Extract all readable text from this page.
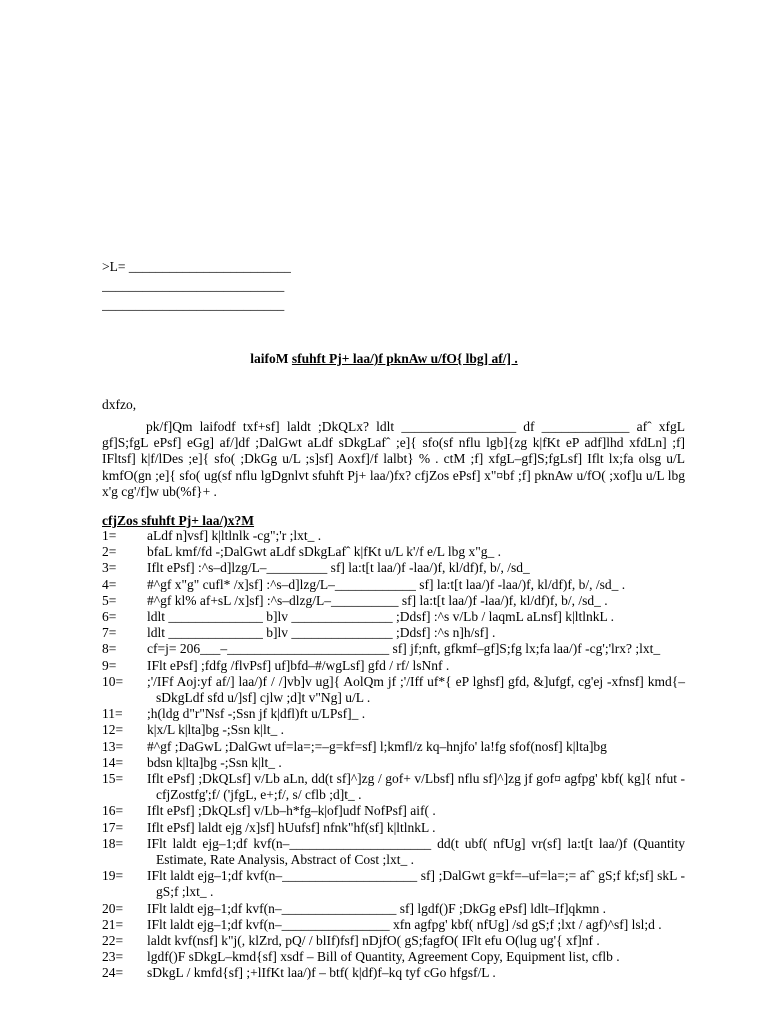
>L= ________________________
___________________________
___________________________
laifoM sfuhft Pj+ laa/)f pknAw u/fO{ lbg] af/] .
dxfzo,
pk/f]Qm laifodf txf+sf] laldt ;DkQLx? ldlt _________________ df _____________ afˆ xfgL gf]S;fgL ePsf] eGg] af/]df ;DalGwt aLdf sDkgLafˆ ;e]{ sfo(sf nflu lgb]{zg k|fKt eP adf]lhd xfdLn] ;f] IFltsf] k|f/lDes ;e]{ sfo( ;DkGg u/L ;s]sf] Aoxf]/f lalbt} % . ctM ;f] xfgL–gf]S;fgLsf] Iflt lx;fa olsg u/L kmfO(gn ;e]{ sfo( ug(sf nflu lgDgnlvt sfuhft Pj+ laa/)fx? cfjZos ePsf] x"¤bf ;f] pknAw u/fO( ;xof]u u/L lbg x'g cg'/f]w ub(%f}+ .
cfjZos sfuhft Pj+ laa/)x?M
1= aLdf n]vsf] k|ltlnlk -cg";'r ;lxt_ .
2= bfaL kmf/fd -;DalGwt aLdf sDkgLafˆ k|fKt u/L k'/f e/L lbg x"g_ .
3= Iflt ePsf] :^s–d]lzg/L–_________ sf] la:t[t laa/)f -laa/)f, kl/df)f, b/, /sd_
4= #^gf x"g" cufl* /x]sf] :^s–d]lzg/L–____________ sf] la:t[t laa/)f -laa/)f, kl/df)f, b/, /sd_ .
5= #^gf kl% af+sL /x]sf] :^s–dlzg/L–__________ sf] la:t[t laa/)f -laa/)f, kl/df)f, b/, /sd_ .
6= ldlt ______________ b]lv _______________ ;Ddsf] :^s v/Lb / laqmL aLnsf] k|ltlnkL .
7= ldlt ______________ b]lv _______________ ;Ddsf] :^s n]h/sf] .
8= cf=j= 206___–________________________ sf] jf;nft, gfkmf–gf]S;fg lx;fa laa/)f -cg';'lrx? ;lxt_
9= IFlt ePsf] ;fdfg /flvPsf] uf]bfd–#/wgLsf] gfd / rf/ lsNnf .
10= ;'/IFf Aoj:yf af/] laa/)f / /]vb]v ug]{ AolQm jf ;'/Iff uf*{ eP lghsf] gfd, &]ufgf, cg'ej -xfnsf] kmd{–sDkgLdf sfd u/]sf] cjlw ;d]t v"Ng] u/L .
11= ;h(ldg d"r"Nsf -;Ssn jf k|dfl)ft u/LPsf]_ .
12= k|x/L k|lta]bg -;Ssn k|lt_ .
13= #^gf ;DaGwL ;DalGwt uf=la=;=–g=kf=sf] l;kmfl/z kq–hnjfo' la!fg sfof(nosf] k|lta]bg
14= bdsn k|lta]bg -;Ssn k|lt_ .
15= Iflt ePsf] ;DkQLsf] v/Lb aLn, dd(t sf]^]zg / gof+ v/Lbsf] nflu sf]^]zg jf gof¤ agfpg' kbf( kg]{ nfut -cfjZostfg';f/ ('jfgL, e+;f/, s/ cflb ;d]t_ .
16= Iflt ePsf] ;DkQLsf] v/Lb–h*fg–k|of]udf NofPsf] aif( .
17= Iflt ePsf] laldt ejg /x]sf] hUufsf] nfnk"hf(sf] k|ltlnkL .
18= IFlt laldt ejg–1;df kvf(n–_____________________ dd(t ubf( nfUg] vr(sf] la:t[t laa/)f (Quantity Estimate, Rate Analysis, Abstract of Cost ;lxt_ .
19= IFlt laldt ejg–1;df kvf(n–____________________ sf] ;DalGwt g=kf=–uf=la=;= afˆ gS;f kf;sf] skL -gS;f ;lxt_ .
20= IFlt laldt ejg–1;df kvf(n–_________________ sf] lgdf()F ;DkGg ePsf] ldlt–If]qkmn .
21= IFlt laldt ejg–1;df kvf(n–________________ xfn agfpg' kbf( nfUg] /sd gS;f ;lxt / agf)^sf] lsl;d .
22= laldt kvf(nsf] k"j(, klZrd, pQ/ / blIf)fsf] nDjfO( gS;fagfO( IFlt efu O(lug ug'{ xf]nf .
23= lgdf()F sDkgL–kmd{sf] xsdf – Bill of Quantity, Agreement Copy, Equipment list, cflb .
24= sDkgL / kmfd{sf] ;+lIfKt laa/)f – btf( k|df)f–kq tyf cGo hfgsf/L .
